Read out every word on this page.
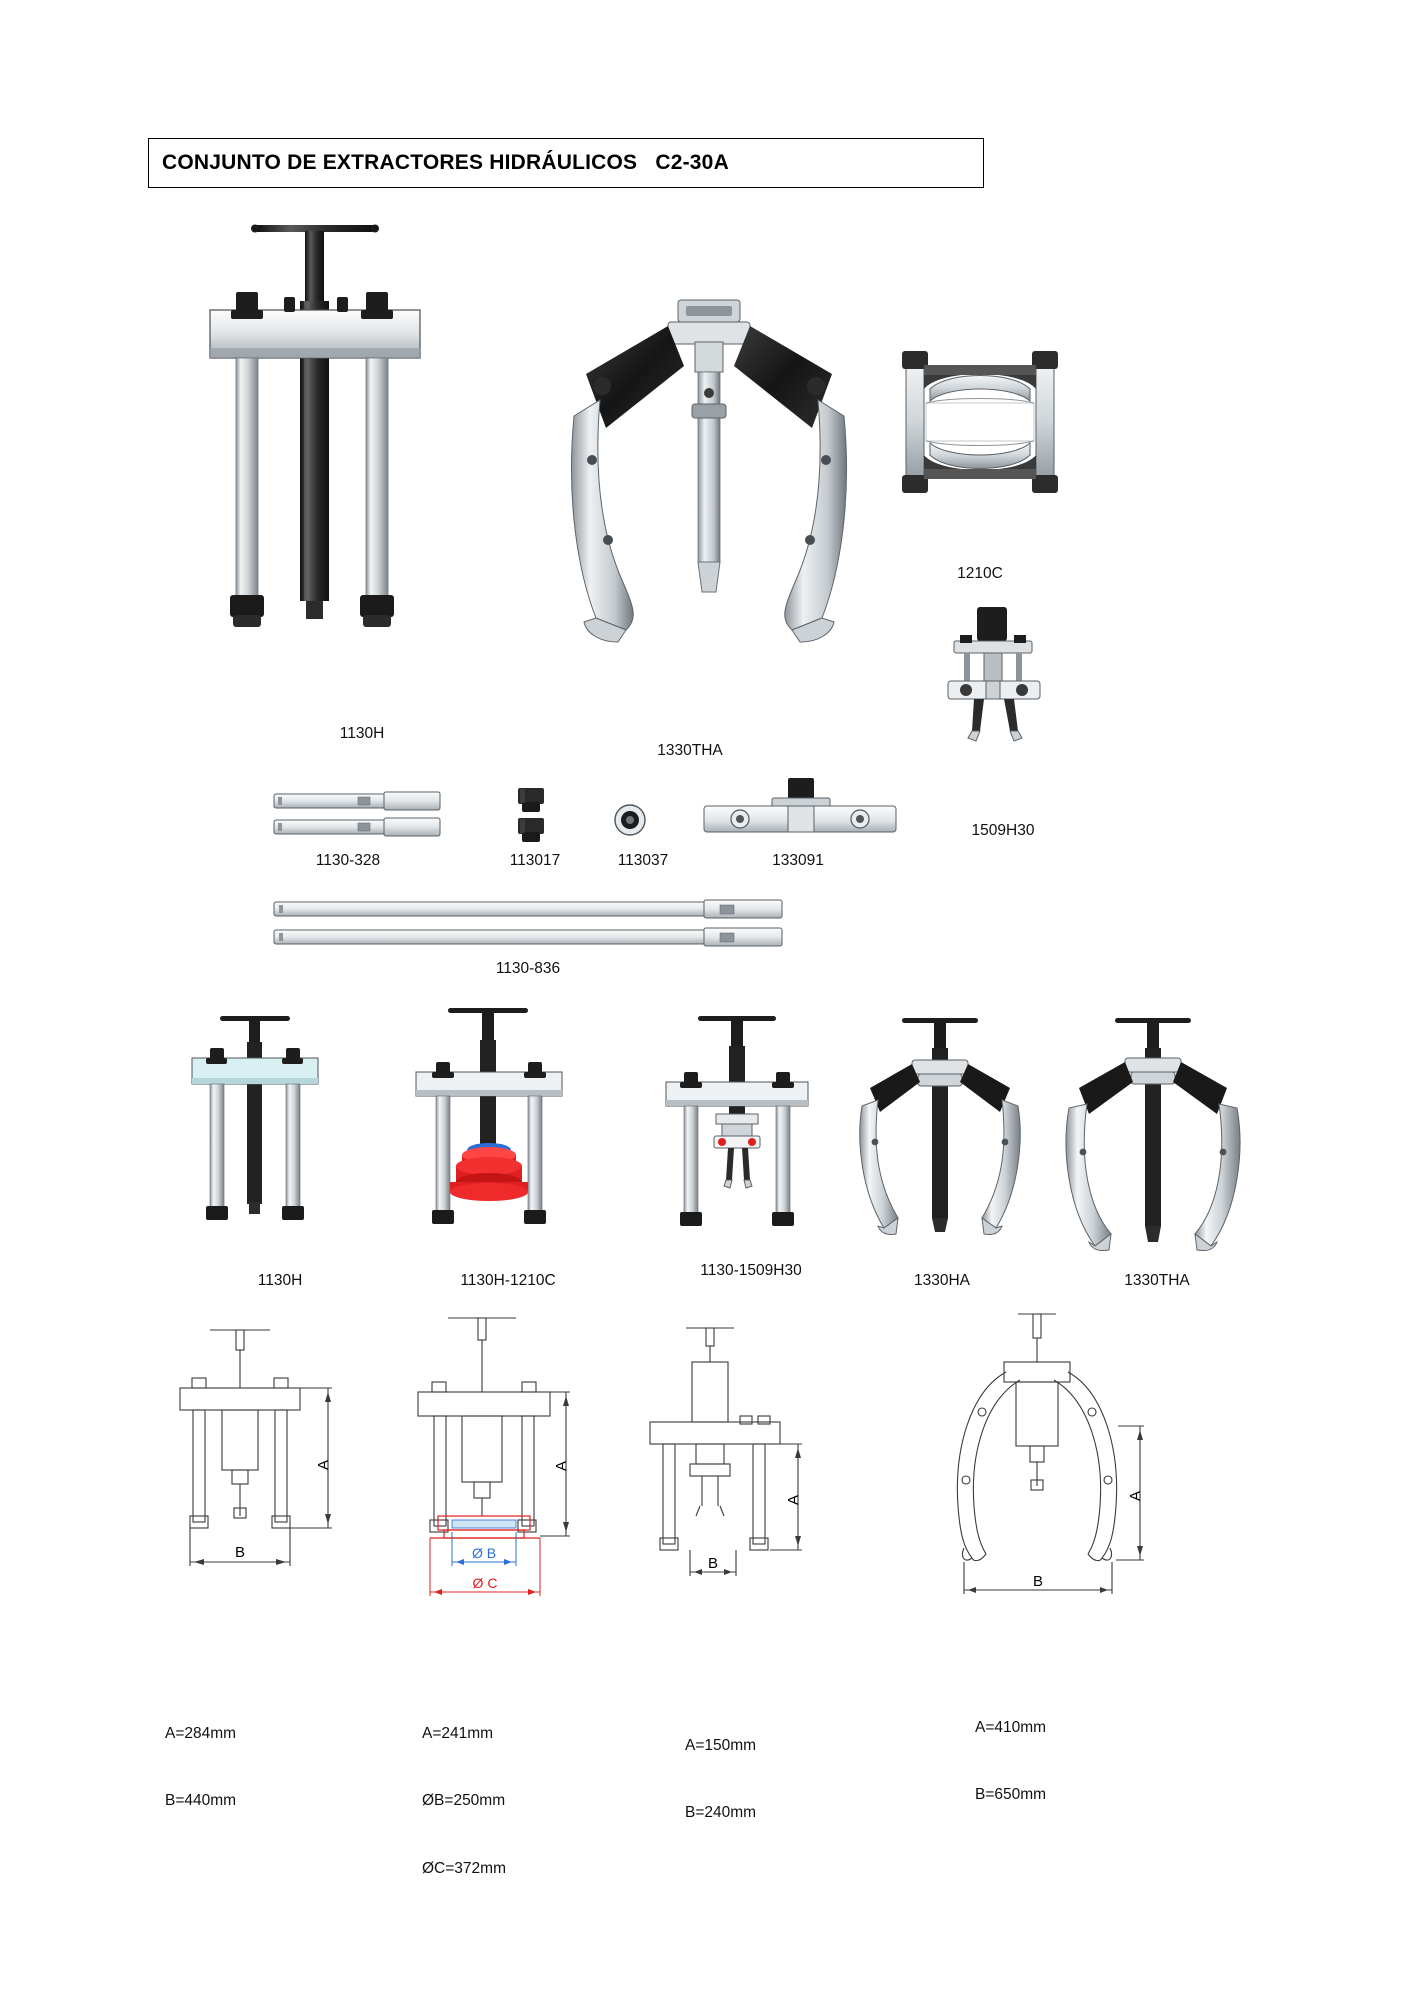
CONJUNTO DE EXTRACTORES HIDRÁULICOS   C2-30A
1130H
1330THA
1210C
1509H30
1130-328	113017	113037	133091
1130-836
1130H	1130H-1210C
1130-1509H30
1330HA	1330THA
A
B

A=284mm

B=440mm

A
Ø B
Ø C

A=241mm

ØB=250mm

ØC=372mm

A
B

A=150mm

B=240mm

A
B

A=410mm

B=650mm
